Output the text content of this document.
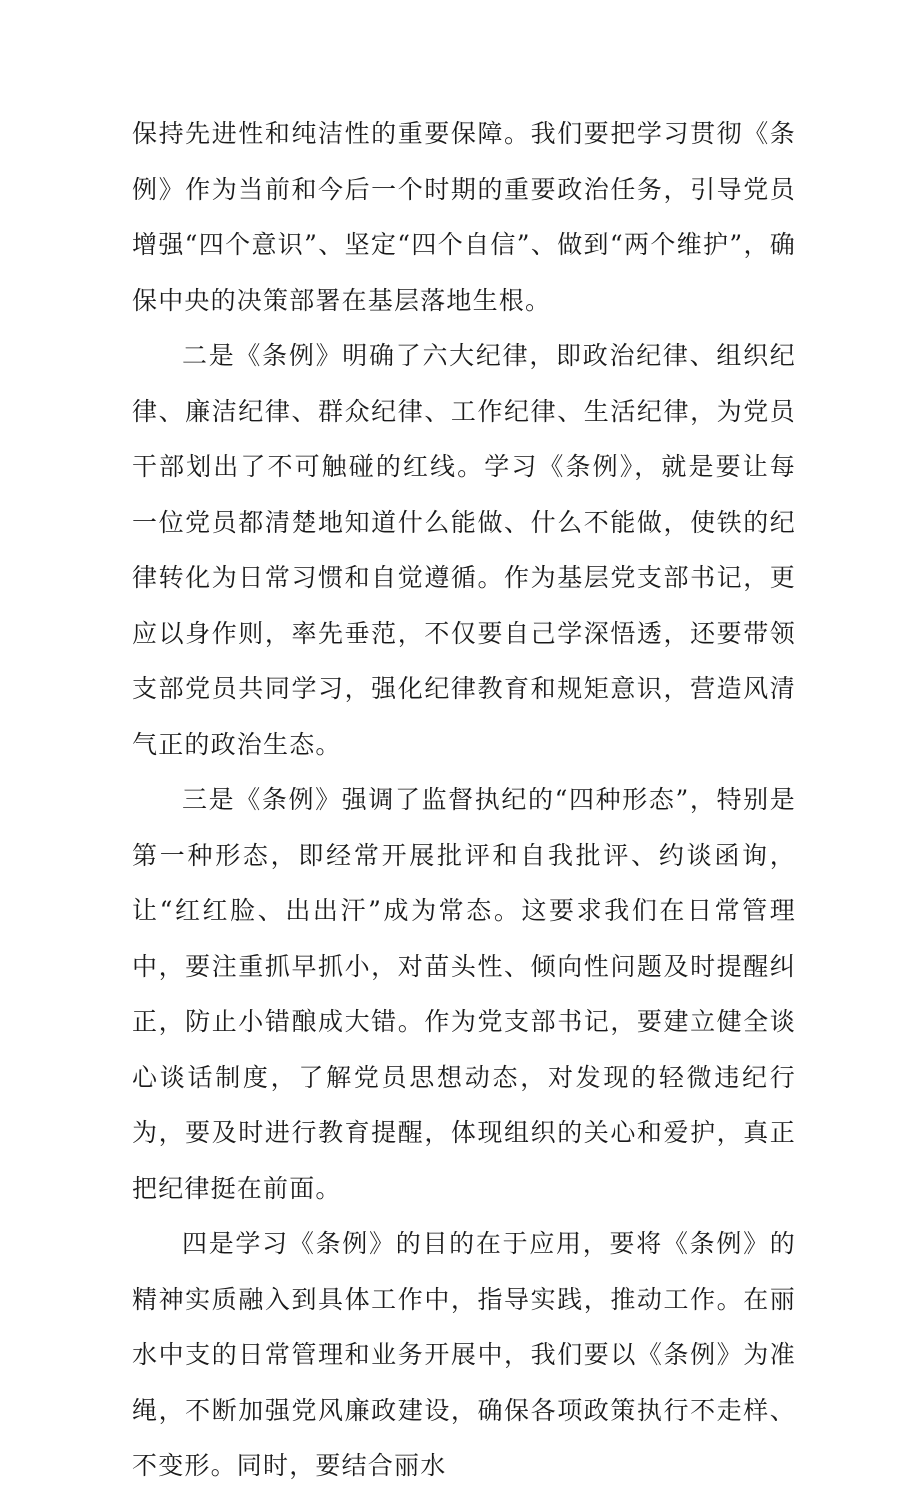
保持先进性和纯洁性的重要保障。我们要把学习贯彻《条例》作为当前和今后一个时期的重要政治任务，引导党员增强“四个意识”、坚定“四个自信”、做到“两个维护”，确保中央的决策部署在基层落地生根。

二是《条例》明确了六大纪律，即政治纪律、组织纪律、廉洁纪律、群众纪律、工作纪律、生活纪律，为党员干部划出了不可触碰的红线。学习《条例》，就是要让每一位党员都清楚地知道什么能做、什么不能做，使铁的纪律转化为日常习惯和自觉遵循。作为基层党支部书记，更应以身作则，率先垂范，不仅要自己学深悟透，还要带领支部党员共同学习，强化纪律教育和规矩意识，营造风清气正的政治生态。

三是《条例》强调了监督执纪的“四种形态”，特别是第一种形态，即经常开展批评和自我批评、约谈函询，让“红红脸、出出汗”成为常态。这要求我们在日常管理中，要注重抓早抓小，对苗头性、倾向性问题及时提醒纠正，防止小错酿成大错。作为党支部书记，要建立健全谈心谈话制度，了解党员思想动态，对发现的轻微违纪行为，要及时进行教育提醒，体现组织的关心和爱护，真正把纪律挺在前面。

四是学习《条例》的目的在于应用，要将《条例》的精神实质融入到具体工作中，指导实践，推动工作。在丽水中支的日常管理和业务开展中，我们要以《条例》为准绳，不断加强党风廉政建设，确保各项政策执行不走样、不变形。同时，要结合丽水
